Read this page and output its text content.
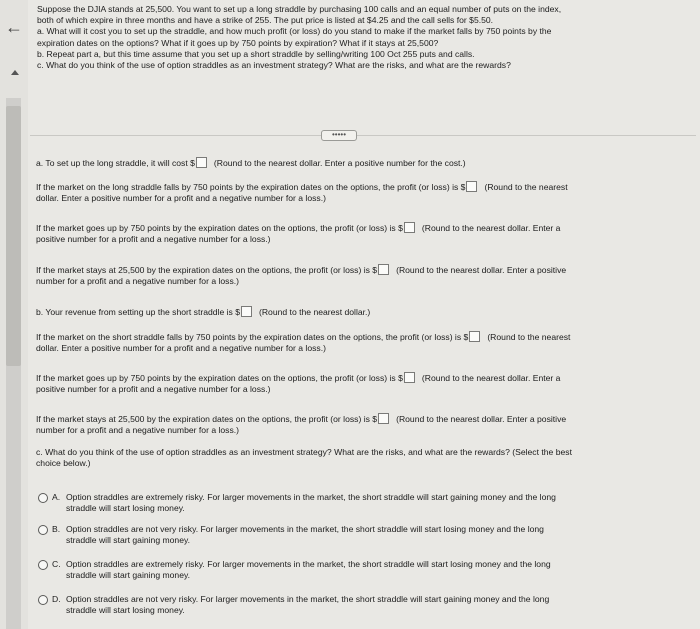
←

Suppose the DJIA stands at 25,500. You want to set up a long straddle by purchasing 100 calls and an equal number of puts on the index,

both of which expire in three months and have a strike of 255. The put price is listed at $4.25 and the call sells for $5.50.

a. What will it cost you to set up the straddle, and how much profit (or loss) do you stand to make if the market falls by 750 points by the

expiration dates on the options? What if it goes up by 750 points by expiration? What if it stays at 25,500?

b. Repeat part a, but this time assume that you set up a short straddle by selling/writing 100 Oct 255 puts and calls.

c. What do you think of the use of option straddles as an investment strategy? What are the risks, and what are the rewards?

•••••
a. To set up the long straddle, it will cost $ (Round to the nearest dollar. Enter a positive number for the cost.)
If the market on the long straddle falls by 750 points by the expiration dates on the options, the profit (or loss) is $ (Round to the nearest
dollar. Enter a positive number for a profit and a negative number for a loss.)
If the market goes up by 750 points by the expiration dates on the options, the profit (or loss) is $ (Round to the nearest dollar. Enter a
positive number for a profit and a negative number for a loss.)
If the market stays at 25,500 by the expiration dates on the options, the profit (or loss) is $ (Round to the nearest dollar. Enter a positive
number for a profit and a negative number for a loss.)
b. Your revenue from setting up the short straddle is $ (Round to the nearest dollar.)
If the market on the short straddle falls by 750 points by the expiration dates on the options, the profit (or loss) is $ (Round to the nearest
dollar. Enter a positive number for a profit and a negative number for a loss.)
If the market goes up by 750 points by the expiration dates on the options, the profit (or loss) is $ (Round to the nearest dollar. Enter a
positive number for a profit and a negative number for a loss.)
If the market stays at 25,500 by the expiration dates on the options, the profit (or loss) is $ (Round to the nearest dollar. Enter a positive
number for a profit and a negative number for a loss.)
c. What do you think of the use of option straddles as an investment strategy? What are the risks, and what are the rewards? (Select the best
choice below.)
A. Option straddles are extremely risky. For larger movements in the market, the short straddle will start gaining money and the long
straddle will start losing money.
B. Option straddles are not very risky. For larger movements in the market, the short straddle will start losing money and the long
straddle will start gaining money.
C. Option straddles are extremely risky. For larger movements in the market, the short straddle will start losing money and the long
straddle will start gaining money.
D. Option straddles are not very risky. For larger movements in the market, the short straddle will start gaining money and the long
straddle will start losing money.
